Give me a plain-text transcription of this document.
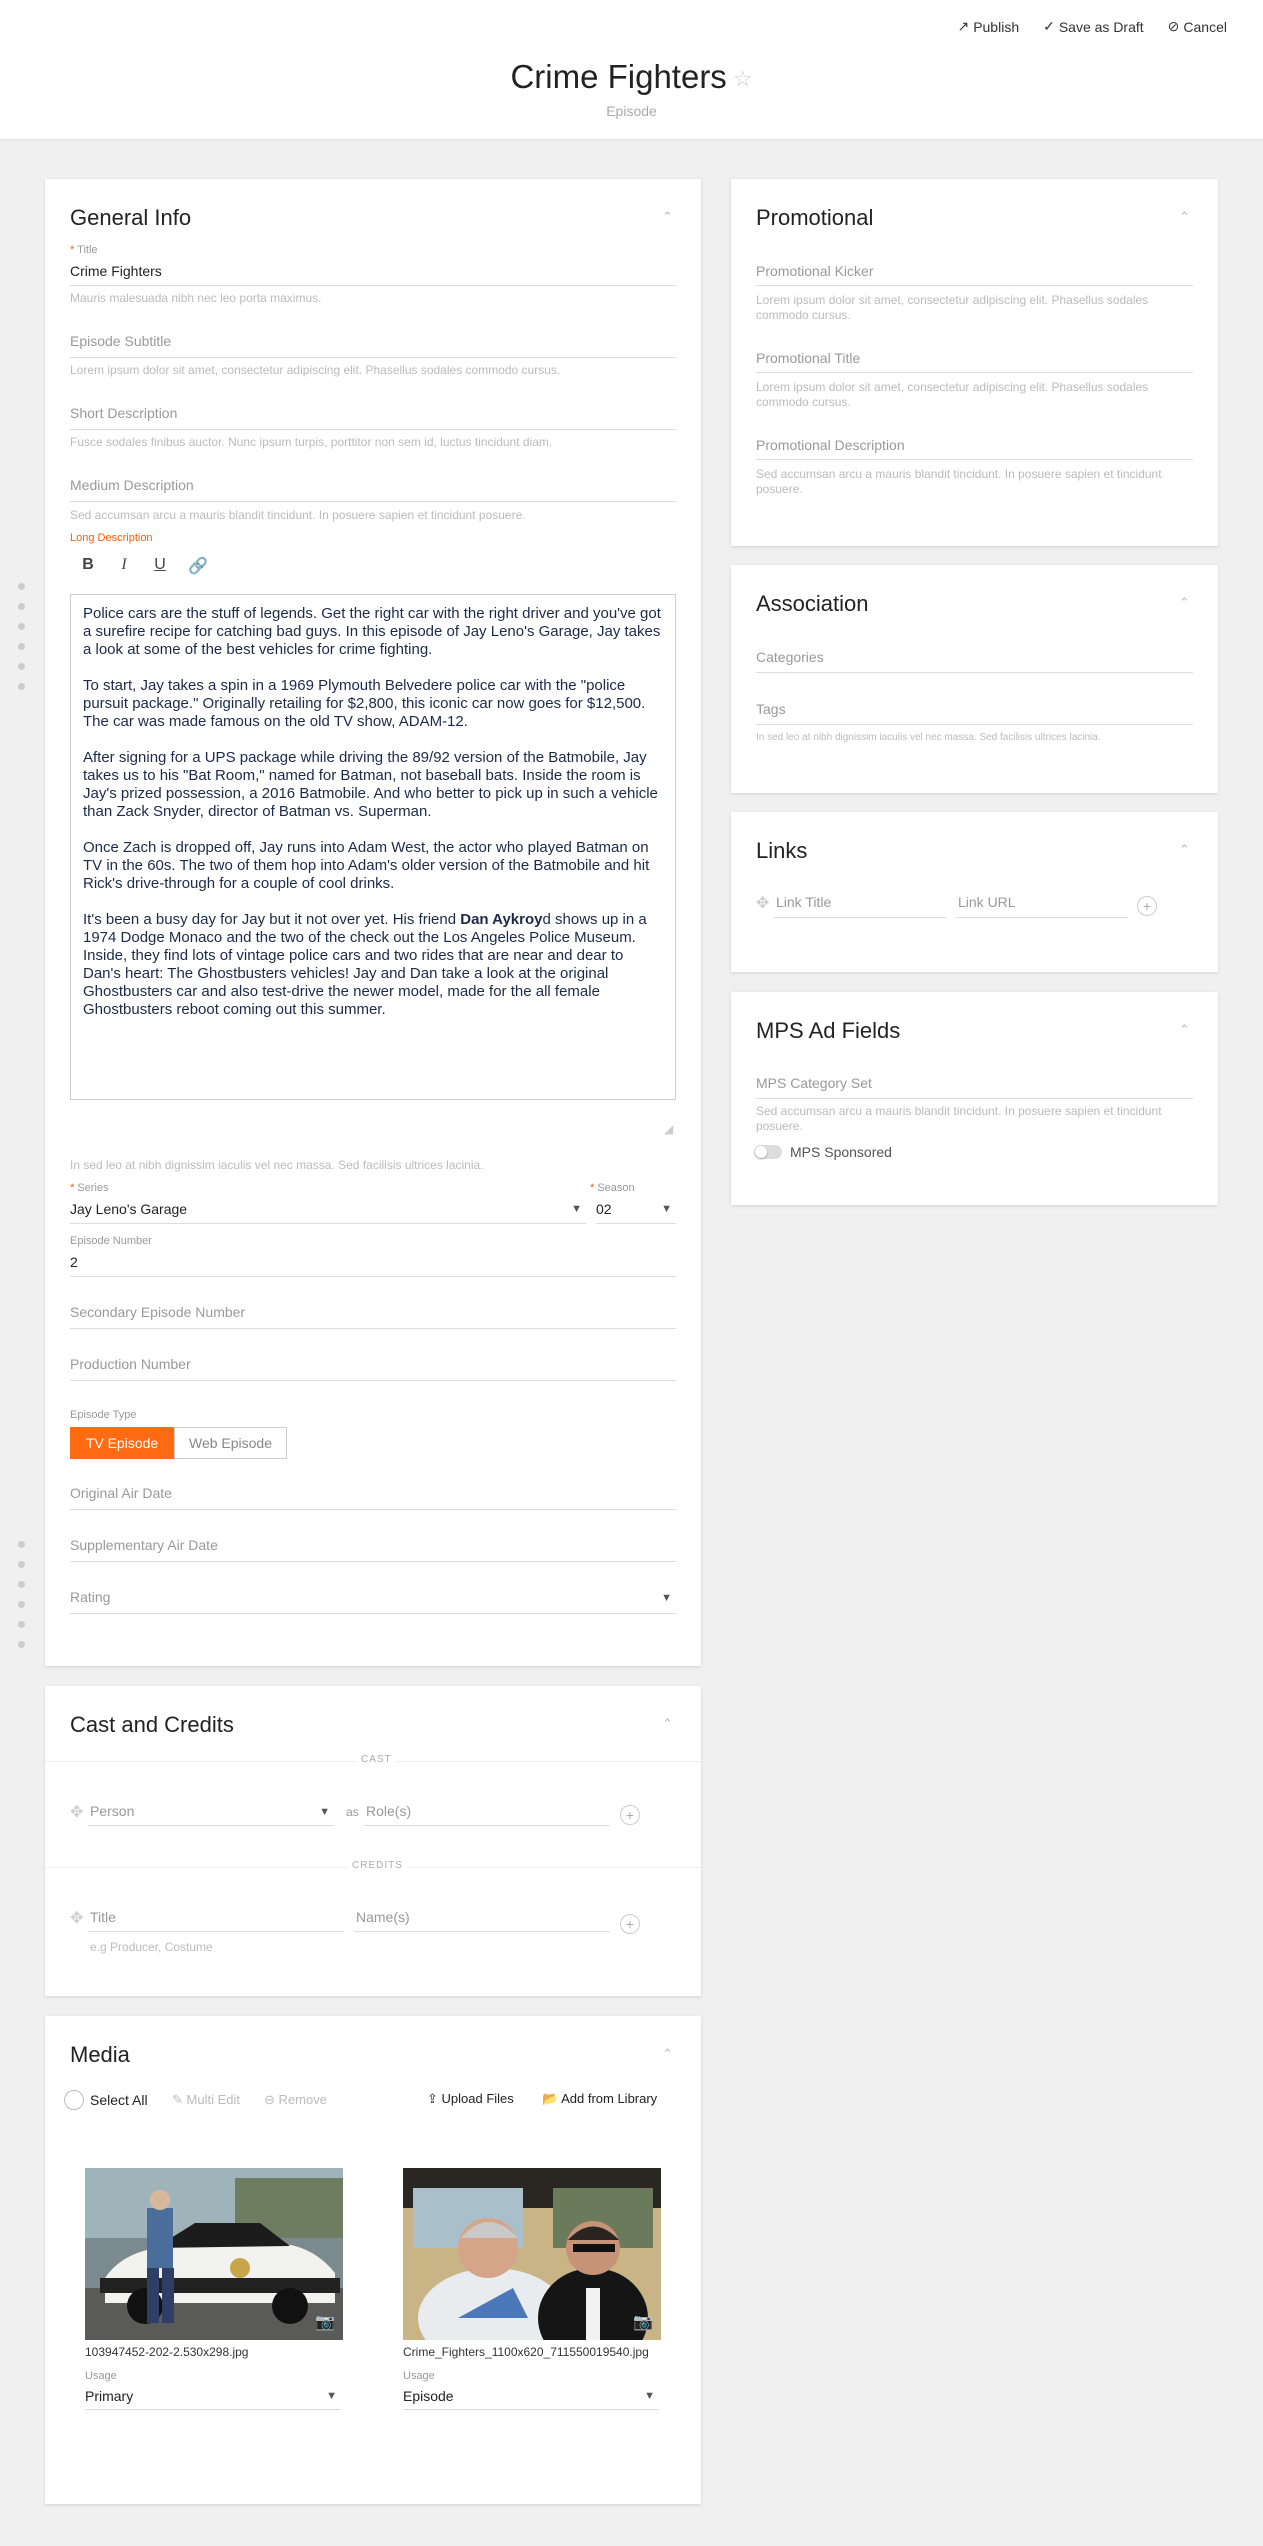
↗ Publish ✓ Save as Draft ⊘ Cancel
Crime Fighters ☆
Episode
General Info	⌃
* Title
Crime Fighters
Mauris malesuada nibh nec leo porta maximus.
Episode Subtitle
Lorem ipsum dolor sit amet, consectetur adipiscing elit. Phasellus sodales commodo cursus.
Short Description
Fusce sodales finibus auctor. Nunc ipsum turpis, porttitor non sem id, luctus tincidunt diam.
Medium Description
Sed accumsan arcu a mauris blandit tincidunt. In posuere sapien et tincidunt posuere.
Long Description
B	I	U 🔗

Police cars are the stuff of legends. Get the right car with the right driver and you've got a surefire recipe for catching bad guys. In this episode of Jay Leno's Garage, Jay takes a look at some of the best vehicles for crime fighting.

To start, Jay takes a spin in a 1969 Plymouth Belvedere police car with the "police pursuit package." Originally retailing for $2,800, this iconic car now goes for $12,500. The car was made famous on the old TV show, ADAM-12.

After signing for a UPS package while driving the 89/92 version of the Batmobile, Jay takes us to his "Bat Room," named for Batman, not baseball bats. Inside the room is Jay's prized possession, a 2016 Batmobile. And who better to pick up in such a vehicle than Zack Snyder, director of Batman vs. Superman.

Once Zach is dropped off, Jay runs into Adam West, the actor who played Batman on TV in the 60s. The two of them hop into Adam's older version of the Batmobile and hit Rick's drive-through for a couple of cool drinks.

It's been a busy day for Jay but it not over yet. His friend Dan Aykroyd shows up in a 1974 Dodge Monaco and the two of the check out the Los Angeles Police Museum. Inside, they find lots of vintage police cars and two rides that are near and dear to Dan's heart: The Ghostbusters vehicles! Jay and Dan take a look at the original Ghostbusters car and also test-drive the newer model, made for the all female Ghostbusters reboot coming out this summer.

◢
In sed leo at nibh dignissim iaculis vel nec massa. Sed facilisis ultrices lacinia.
* Series
Jay Leno's Garage	▼
* Season
02	▼
Episode Number
2
Secondary Episode Number
Production Number
Episode Type
TV Episode	Web Episode
Original Air Date
Supplementary Air Date
Rating	▼
Cast and Credits	⌃
CAST
✥ Person	▼ as Role(s)	+
CREDITS
✥ Title	Name(s)	+
e.g Producer, Costume
Media	⌃
Select All ✎ Multi Edit ⊖ Remove	⇪ Upload Files 📂 Add from Library
📷
103947452-202-2.530x298.jpg
Usage
Primary	▼
📷
Crime_Fighters_1100x620_711550019540.jpg
Usage
Episode	▼
Promotional	⌃
Promotional Kicker
Lorem ipsum dolor sit amet, consectetur adipiscing elit. Phasellus sodales commodo cursus.
Promotional Title
Lorem ipsum dolor sit amet, consectetur adipiscing elit. Phasellus sodales commodo cursus.
Promotional Description
Sed accumsan arcu a mauris blandit tincidunt. In posuere sapien et tincidunt posuere.
Association	⌃
Categories
Tags
In sed leo at nibh dignissim iaculis vel nec massa. Sed facilisis ultrices lacinia.
Links	⌃
✥ Link Title	Link URL	+
MPS Ad Fields	⌃
MPS Category Set
Sed accumsan arcu a mauris blandit tincidunt. In posuere sapien et tincidunt posuere.
MPS Sponsored
